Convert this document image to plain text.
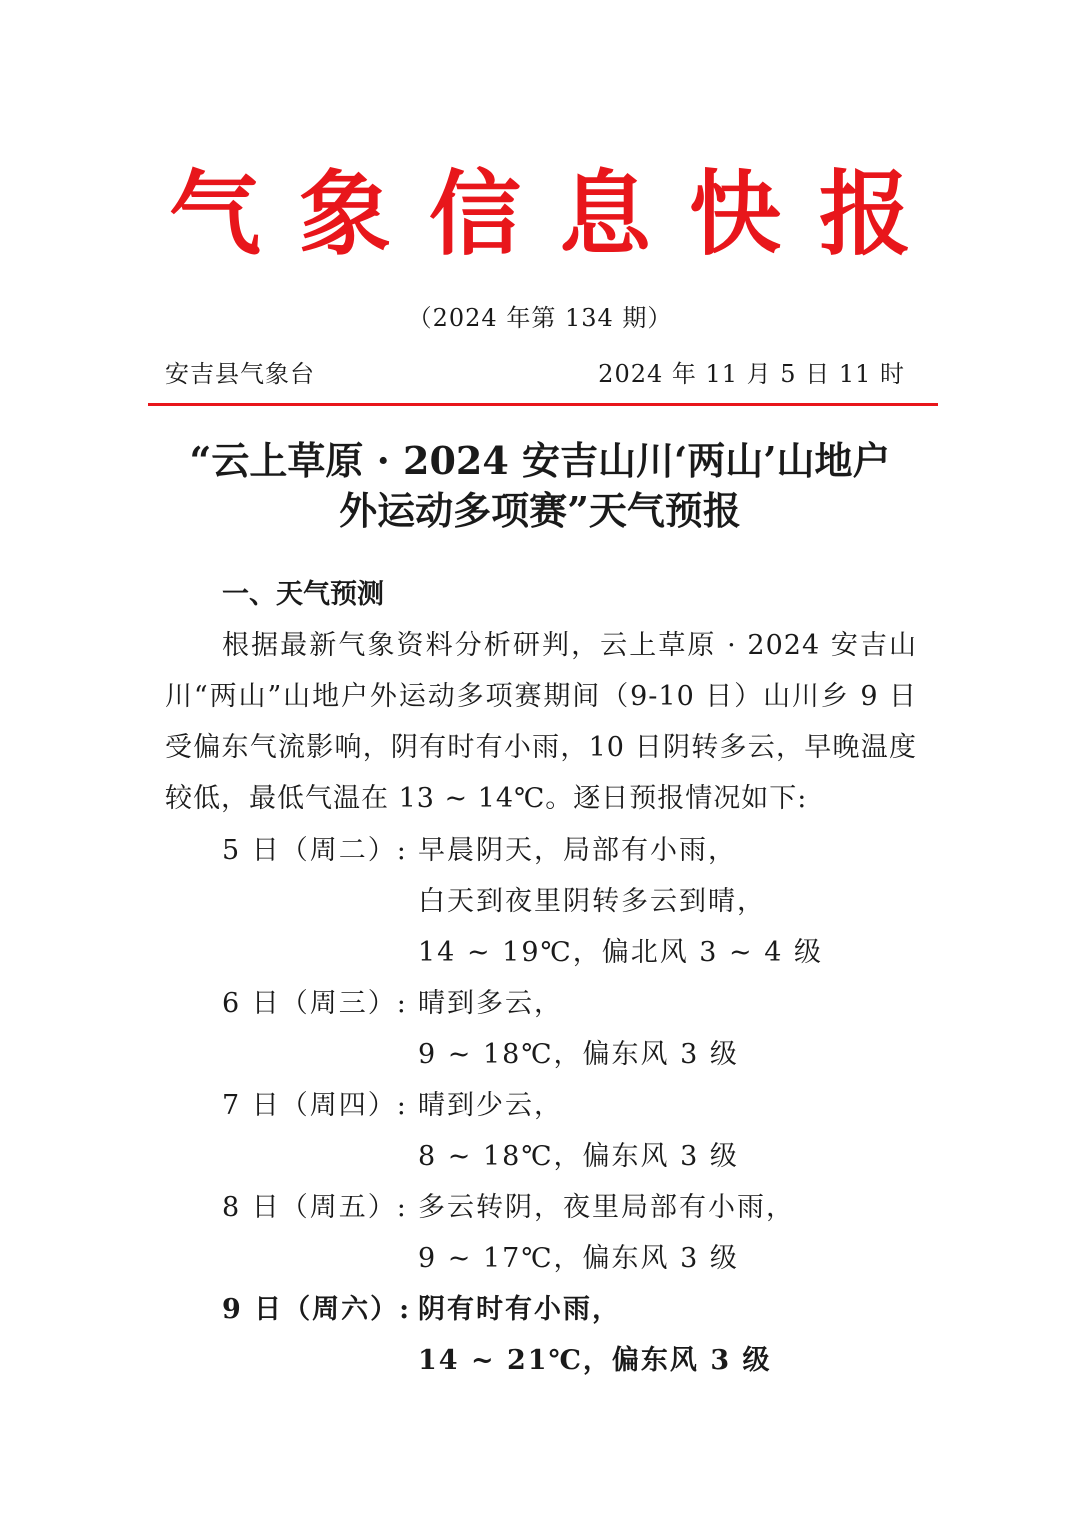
气象信息快报
（2024 年第 134 期）
安吉县气象台	2024 年 11 月 5 日 11 时
“云上草原 · 2024 安吉山川‘两山’山地户
外运动多项赛”天气预报
一、天气预测

根据最新气象资料分析研判，云上草原 · 2024 安吉山川“两山”山地户外运动多项赛期间（9-10 日）山川乡 9 日受偏东气流影响，阴有时有小雨，10 日阴转多云，早晚温度较低，最低气温在 13 ~ 14℃。逐日预报情况如下:

5 日（周二）: 早晨阴天，局部有小雨，
白天到夜里阴转多云到晴，
14 ~ 19℃，偏北风 3 ~ 4 级
6 日（周三）: 晴到多云，
9 ~ 18℃，偏东风 3 级
7 日（周四）: 晴到少云，
8 ~ 18℃，偏东风 3 级
8 日（周五）: 多云转阴，夜里局部有小雨，
9 ~ 17℃，偏东风 3 级
9 日（周六）: 阴有时有小雨，
14 ~ 21℃，偏东风 3 级
